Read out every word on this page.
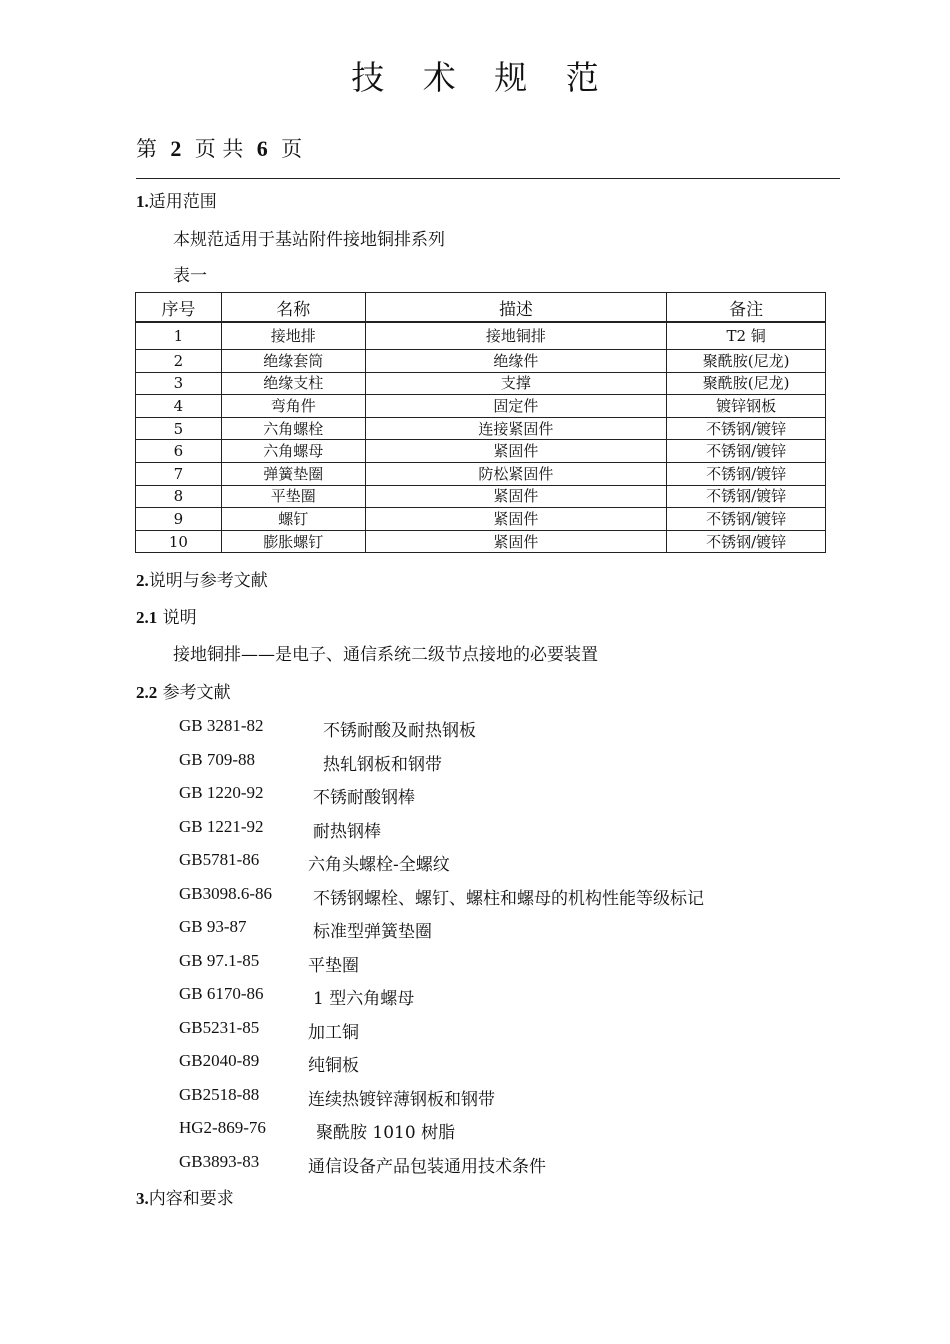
技 术 规 范
第 2 页 共 6 页
1.适用范围
本规范适用于基站附件接地铜排系列
表一
序号	名称	描述	备注
1	接地排	接地铜排	T2 铜
2	绝缘套筒	绝缘件	聚酰胺(尼龙)
3	绝缘支柱	支撑	聚酰胺(尼龙)
4	弯角件	固定件	镀锌钢板
5	六角螺栓	连接紧固件	不锈钢/镀锌
6	六角螺母	紧固件	不锈钢/镀锌
7	弹簧垫圈	防松紧固件	不锈钢/镀锌
8	平垫圈	紧固件	不锈钢/镀锌
9	螺钉	紧固件	不锈钢/镀锌
10	膨胀螺钉	紧固件	不锈钢/镀锌
2.说明与参考文献
2.1 说明
接地铜排——是电子、通信系统二级节点接地的必要装置
2.2 参考文献
GB 3281-82	不锈耐酸及耐热钢板
GB 709-88	热轧钢板和钢带
GB 1220-92	不锈耐酸钢棒
GB 1221-92	耐热钢棒
GB5781-86	六角头螺栓-全螺纹
GB3098.6-86 不锈钢螺栓、螺钉、螺柱和螺母的机构性能等级标记
GB 93-87	标准型弹簧垫圈
GB 97.1-85	平垫圈
GB 6170-86	1 型六角螺母
GB5231-85	加工铜
GB2040-89	纯铜板
GB2518-88	连续热镀锌薄钢板和钢带
HG2-869-76	聚酰胺 1010 树脂
GB3893-83	通信设备产品包装通用技术条件
3.内容和要求
